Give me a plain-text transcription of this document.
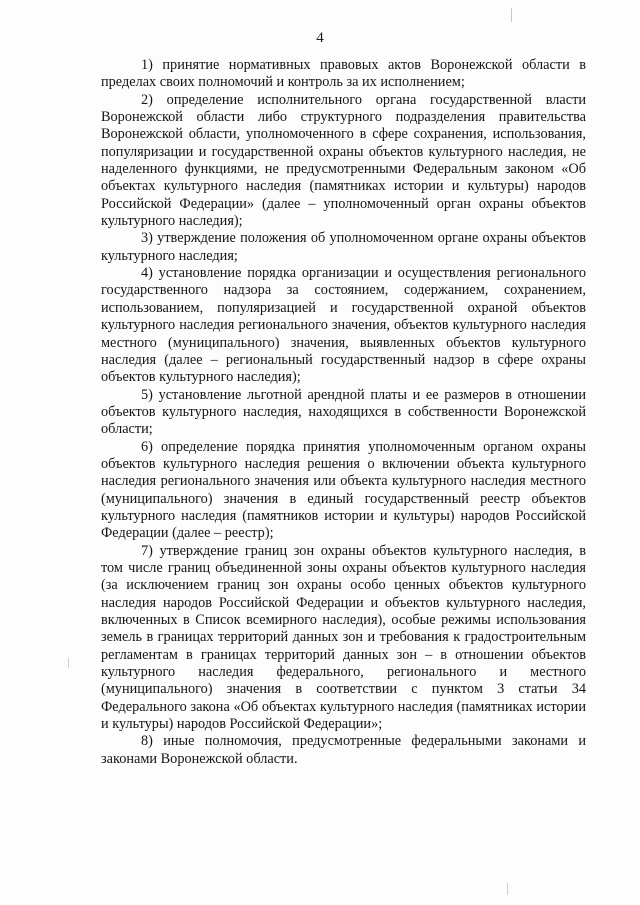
4

1) принятие нормативных правовых актов Воронежской области в пределах своих полномочий и контроль за их исполнением;

2) определение исполнительного органа государственной власти Воронежской области либо структурного подразделения правительства Воронежской области, уполномоченного в сфере сохранения, использования, популяризации и государственной охраны объектов культурного наследия, не наделенного функциями, не предусмотренными Федеральным законом «Об объектах культурного наследия (памятниках истории и культуры) народов Российской Федерации» (далее – уполномоченный орган охраны объектов культурного наследия);

3) утверждение положения об уполномоченном органе охраны объектов культурного наследия;

4) установление порядка организации и осуществления регионального государственного надзора за состоянием, содержанием, сохранением, использованием, популяризацией и государственной охраной объектов культурного наследия регионального значения, объектов культурного наследия местного (муниципального) значения, выявленных объектов культурного наследия (далее – региональный государственный надзор в сфере охраны объектов культурного наследия);

5) установление льготной арендной платы и ее размеров в отношении объектов культурного наследия, находящихся в собственности Воронежской области;

6) определение порядка принятия уполномоченным органом охраны объектов культурного наследия решения о включении объекта культурного наследия регионального значения или объекта культурного наследия местного (муниципального) значения в единый государственный реестр объектов культурного наследия (памятников истории и культуры) народов Российской Федерации (далее – реестр);

7) утверждение границ зон охраны объектов культурного наследия, в том числе границ объединенной зоны охраны объектов культурного наследия (за исключением границ зон охраны особо ценных объектов культурного наследия народов Российской Федерации и объектов культурного наследия, включенных в Список всемирного наследия), особые режимы использования земель в границах территорий данных зон и требования к градостроительным регламентам в границах территорий данных зон – в отношении объектов культурного наследия федерального, регионального и местного (муниципального) значения в соответствии с пунктом 3 статьи 34 Федерального закона «Об объектах культурного наследия (памятниках истории и культуры) народов Российской Федерации»;

8) иные полномочия, предусмотренные федеральными законами и законами Воронежской области.
